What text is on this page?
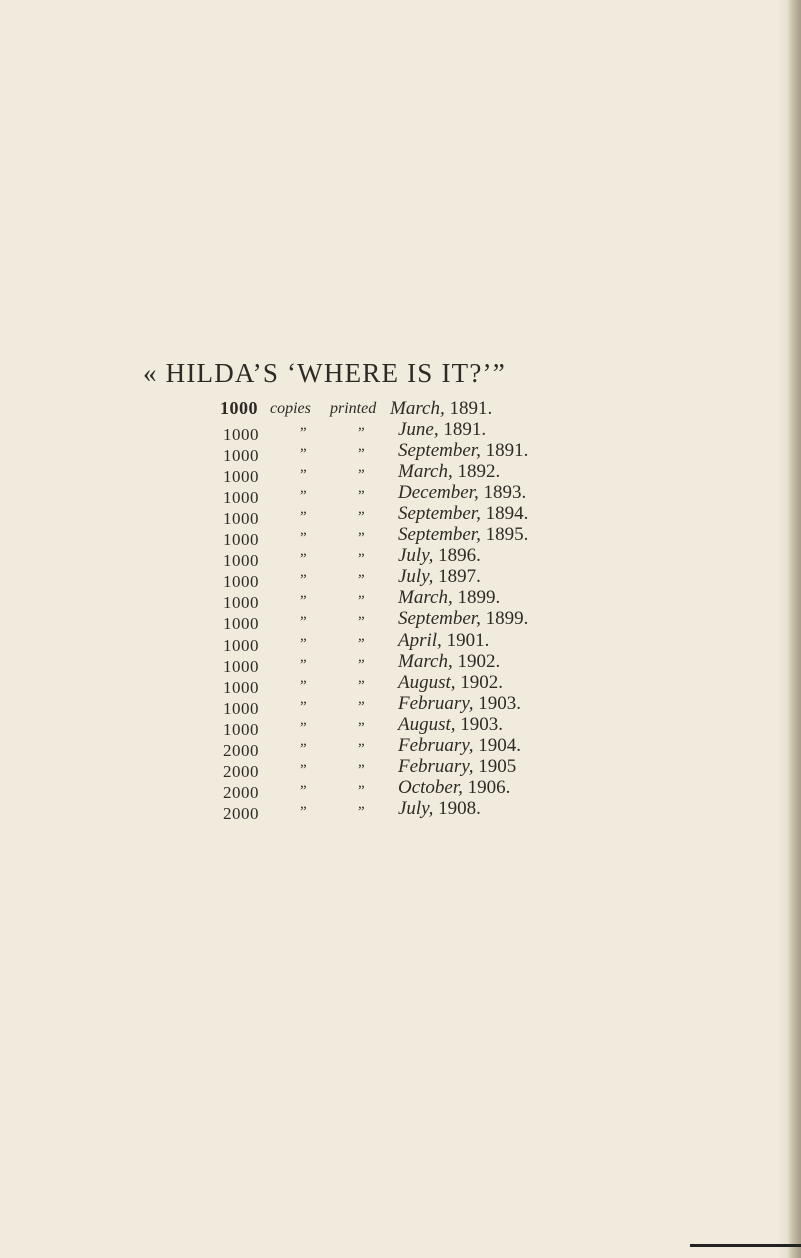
« HILDA’S ‘WHERE IS IT?’”
1000 copies printed March, 1891.
1000	”	” June, 1891.
1000	”	” September, 1891.
1000	”	” March, 1892.
1000	”	” December, 1893.
1000	”	” September, 1894.
1000	”	” September, 1895.
1000	”	” July, 1896.
1000	”	” July, 1897.
1000	”	” March, 1899.
1000	”	” September, 1899.
1000	”	” April, 1901.
1000	”	” March, 1902.
1000	”	” August, 1902.
1000	”	” February, 1903.
1000	”	” August, 1903.
2000	”	” February, 1904.
2000	”	” February, 1905
2000	”	” October, 1906.
2000	”	” July, 1908.
